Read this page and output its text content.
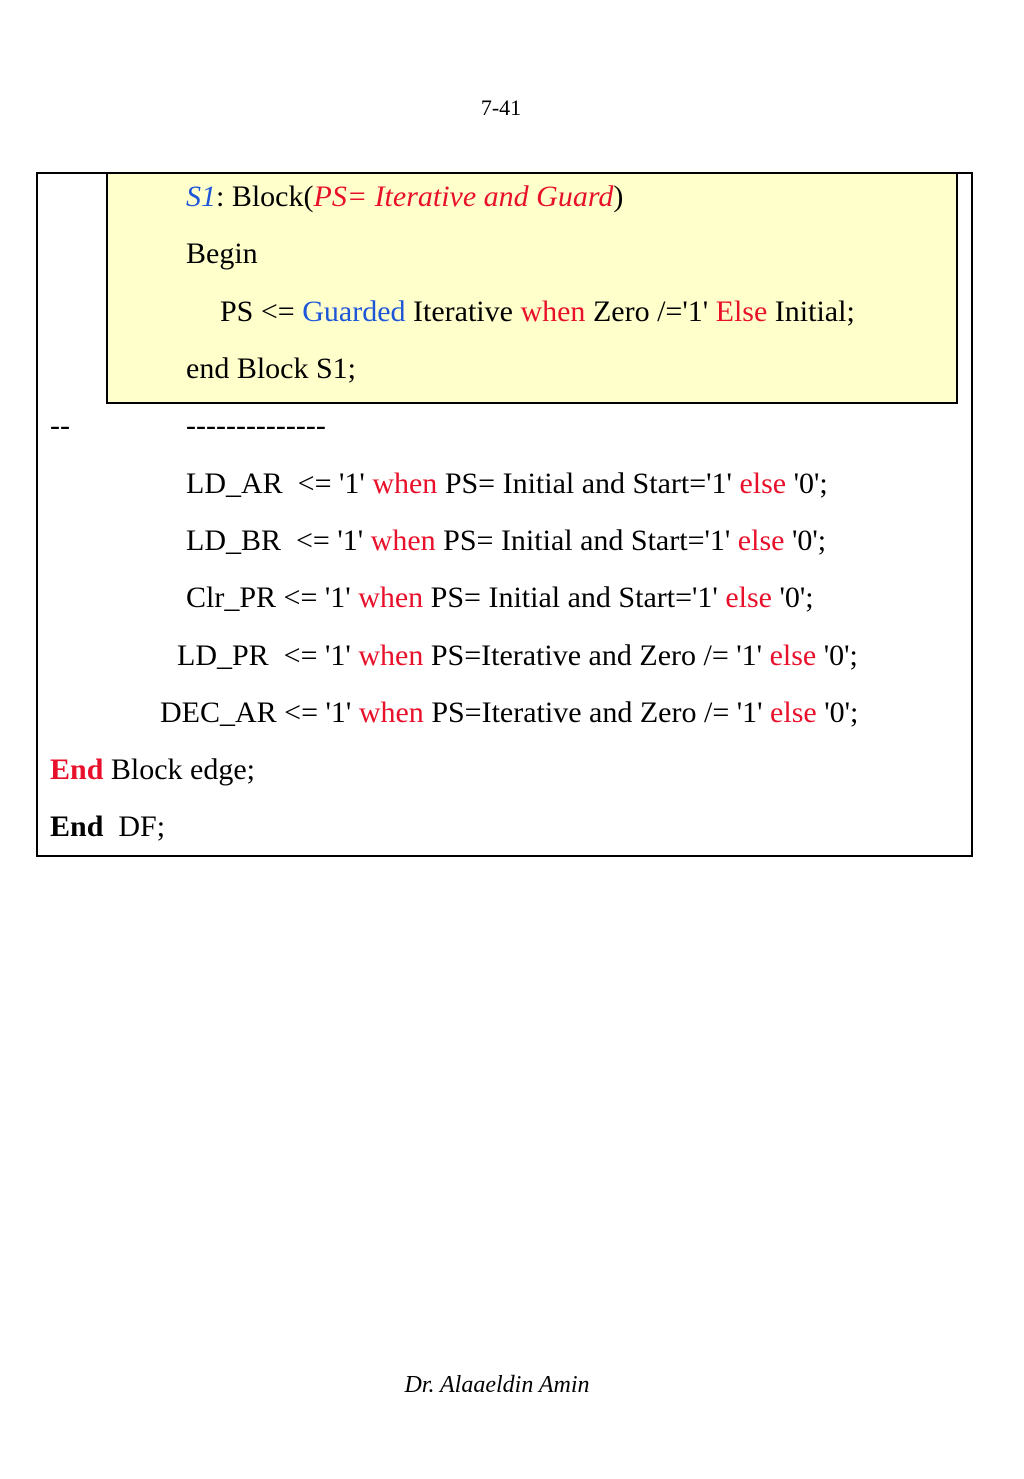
7-41
S1: Block(PS= Iterative and Guard)
Begin
PS <= Guarded Iterative when Zero /='1' Else Initial;
end Block S1;
--	--------------
LD_AR  <= '1' when PS= Initial and Start='1' else '0';
LD_BR  <= '1' when PS= Initial and Start='1' else '0';
Clr_PR <= '1' when PS= Initial and Start='1' else '0';
LD_PR  <= '1' when PS=Iterative and Zero /= '1' else '0';
DEC_AR <= '1' when PS=Iterative and Zero /= '1' else '0';
End Block edge;
End  DF;
Dr. Alaaeldin Amin
